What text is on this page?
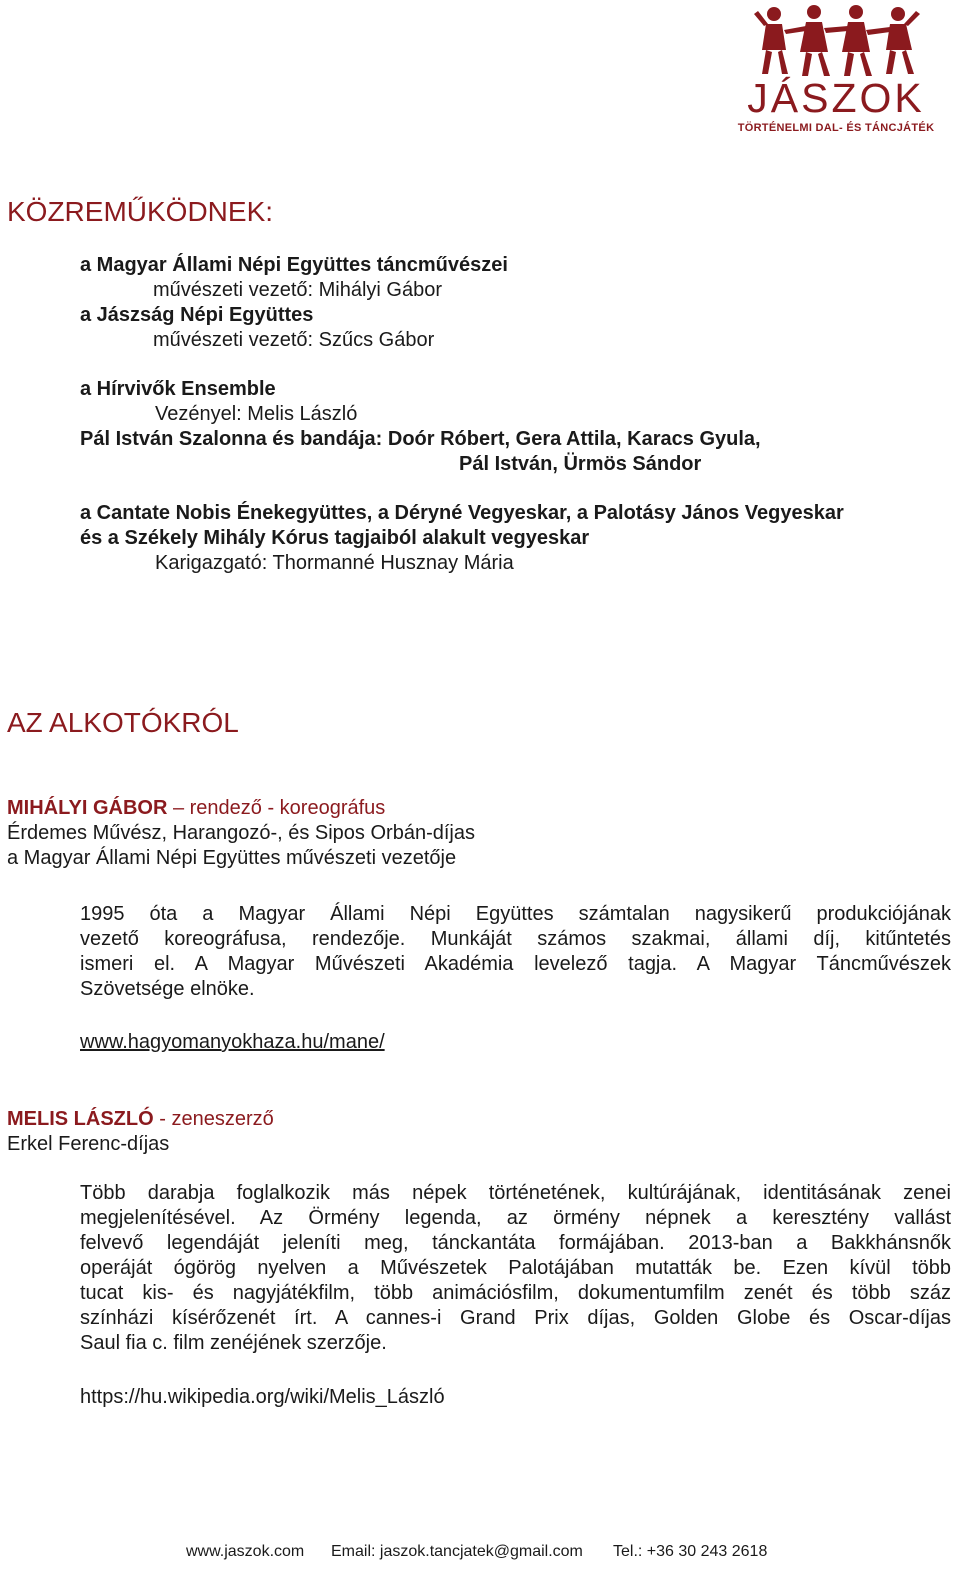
JÁSZOK
TÖRTÉNELMI DAL- ÉS TÁNCJÁTÉK
KÖZREMŰKÖDNEK:
a Magyar Állami Népi Együttes táncművészei
művészeti vezető: Mihályi Gábor
a Jászság Népi Együttes
művészeti vezető: Szűcs Gábor
a Hírvivők Ensemble
Vezényel: Melis László
Pál István Szalonna és bandája: Doór Róbert, Gera Attila, Karacs Gyula,
Pál István, Ürmös Sándor
a Cantate Nobis Énekegyüttes, a Déryné Vegyeskar, a Palotásy János Vegyeskar
és a Székely Mihály Kórus tagjaiból alakult vegyeskar
Karigazgató: Thormanné Husznay Mária
AZ ALKOTÓKRÓL
MIHÁLYI GÁBOR – rendező - koreográfus
Érdemes Művész, Harangozó-, és Sipos Orbán-díjas
a Magyar Állami Népi Együttes művészeti vezetője
1995 óta a Magyar Állami Népi Együttes számtalan nagysikerű produkciójának
vezető koreográfusa, rendezője. Munkáját számos szakmai, állami díj, kitűntetés
ismeri el. A Magyar Művészeti Akadémia levelező tagja. A Magyar Táncművészek
Szövetsége elnöke.
www.hagyomanyokhaza.hu/mane/
MELIS LÁSZLÓ - zeneszerző
Erkel Ferenc-díjas
Több darabja foglalkozik más népek történetének, kultúrájának, identitásának zenei
megjelenítésével. Az Örmény legenda, az örmény népnek a keresztény vallást
felvevő legendáját jeleníti meg, tánckantáta formájában. 2013-ban a Bakkhánsnők
operáját ógörög nyelven a Művészetek Palotájában mutatták be. Ezen kívül több
tucat kis- és nagyjátékfilm, több animációsfilm, dokumentumfilm zenét és több száz
színházi kísérőzenét írt. A cannes-i Grand Prix díjas, Golden Globe és Oscar-díjas
Saul fia c. film zenéjének szerzője.
https://hu.wikipedia.org/wiki/Melis_László
www.jaszok.com Email: jaszok.tancjatek@gmail.com Tel.: +36 30 243 2618
